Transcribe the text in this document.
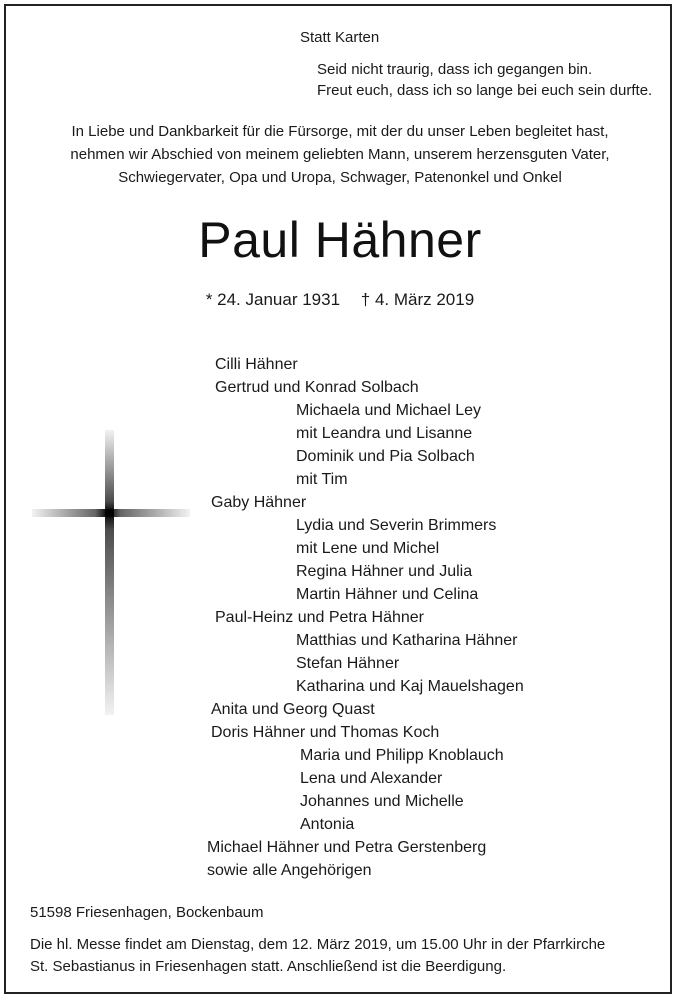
Statt Karten
Seid nicht traurig, dass ich gegangen bin.
Freut euch, dass ich so lange bei euch sein durfte.
In Liebe und Dankbarkeit für die Fürsorge, mit der du unser Leben begleitet hast,
nehmen wir Abschied von meinem geliebten Mann, unserem herzensguten Vater,
Schwiegervater, Opa und Uropa, Schwager, Patenonkel und Onkel
Paul Hähner
* 24. Januar 1931 † 4. März 2019
Cilli Hähner
Gertrud und Konrad Solbach
Michaela und Michael Ley
mit Leandra und Lisanne
Dominik und Pia Solbach
mit Tim
Gaby Hähner
Lydia und Severin Brimmers
mit Lene und Michel
Regina Hähner und Julia
Martin Hähner und Celina
Paul-Heinz und Petra Hähner
Matthias und Katharina Hähner
Stefan Hähner
Katharina und Kaj Mauelshagen
Anita und Georg Quast
Doris Hähner und Thomas Koch
Maria und Philipp Knoblauch
Lena und Alexander
Johannes und Michelle
Antonia
Michael Hähner und Petra Gerstenberg
sowie alle Angehörigen
51598 Friesenhagen, Bockenbaum
Die hl. Messe findet am Dienstag, dem 12. März 2019, um 15.00 Uhr in der Pfarrkirche
St. Sebastianus in Friesenhagen statt. Anschließend ist die Beerdigung.
